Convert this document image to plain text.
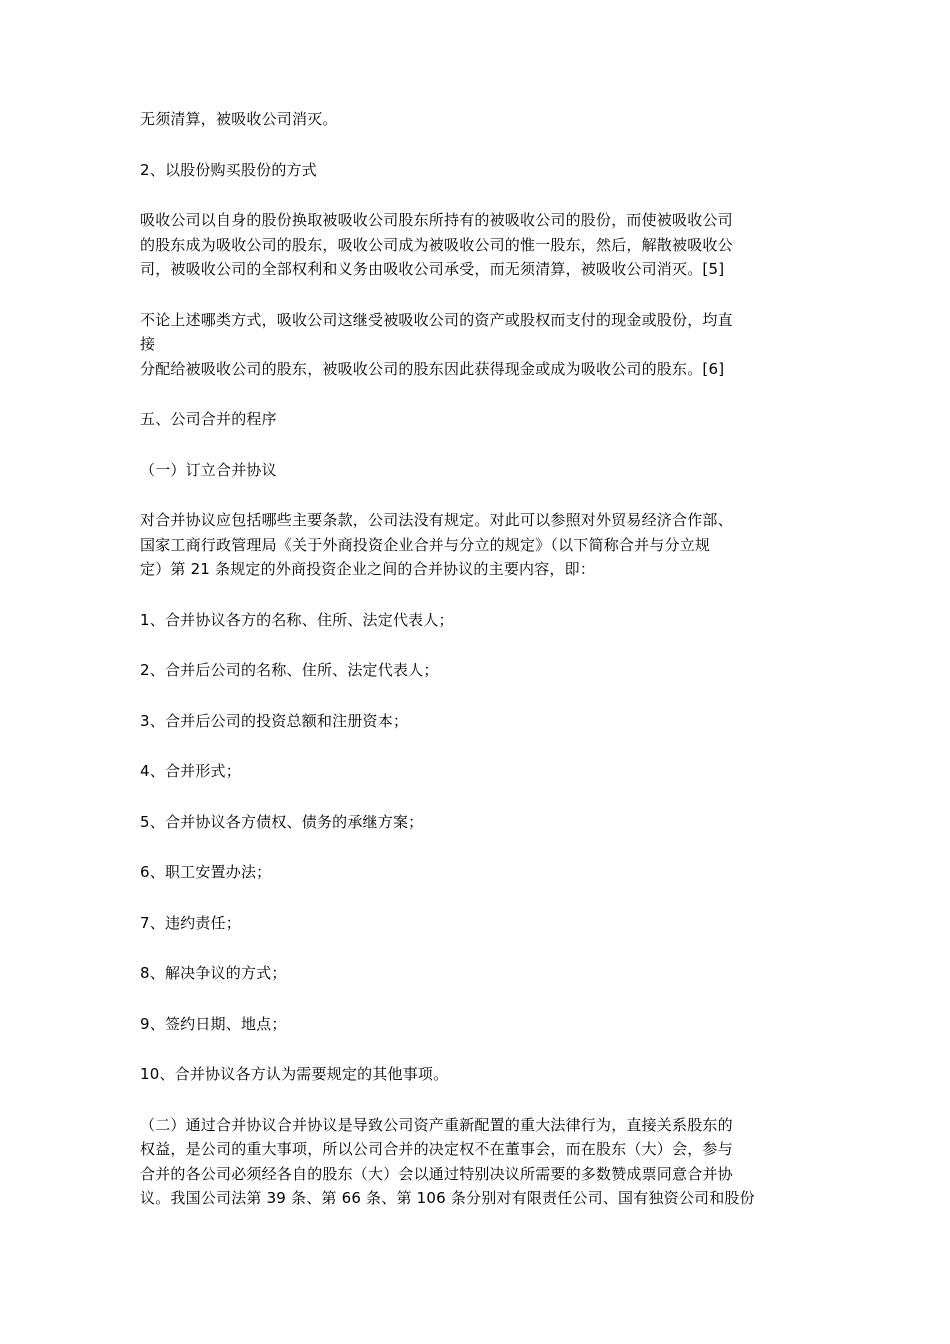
无须清算，被吸收公司消灭。

2、以股份购买股份的方式

吸收公司以自身的股份换取被吸收公司股东所持有的被吸收公司的股份，而使被吸收公司
的股东成为吸收公司的股东，吸收公司成为被吸收公司的惟一股东，然后，解散被吸收公
司，被吸收公司的全部权利和义务由吸收公司承受，而无须清算，被吸收公司消灭。[5]

不论上述哪类方式，吸收公司这继受被吸收公司的资产或股权而支付的现金或股份，均直
接
分配给被吸收公司的股东，被吸收公司的股东因此获得现金或成为吸收公司的股东。[6]

五、公司合并的程序

（一）订立合并协议

对合并协议应包括哪些主要条款，公司法没有规定。对此可以参照对外贸易经济合作部、
国家工商行政管理局《关于外商投资企业合并与分立的规定》（以下简称合并与分立规
定）第 21 条规定的外商投资企业之间的合并协议的主要内容，即：

1、合并协议各方的名称、住所、法定代表人；

2、合并后公司的名称、住所、法定代表人；

3、合并后公司的投资总额和注册资本；

4、合并形式；

5、合并协议各方债权、债务的承继方案；

6、职工安置办法；

7、违约责任；

8、解决争议的方式；

9、签约日期、地点；

10、合并协议各方认为需要规定的其他事项。

（二）通过合并协议合并协议是导致公司资产重新配置的重大法律行为，直接关系股东的
权益，是公司的重大事项，所以公司合并的决定权不在董事会，而在股东（大）会，参与
合并的各公司必须经各自的股东（大）会以通过特别决议所需要的多数赞成票同意合并协
议。我国公司法第 39 条、第 66 条、第 106 条分别对有限责任公司、国有独资公司和股份
